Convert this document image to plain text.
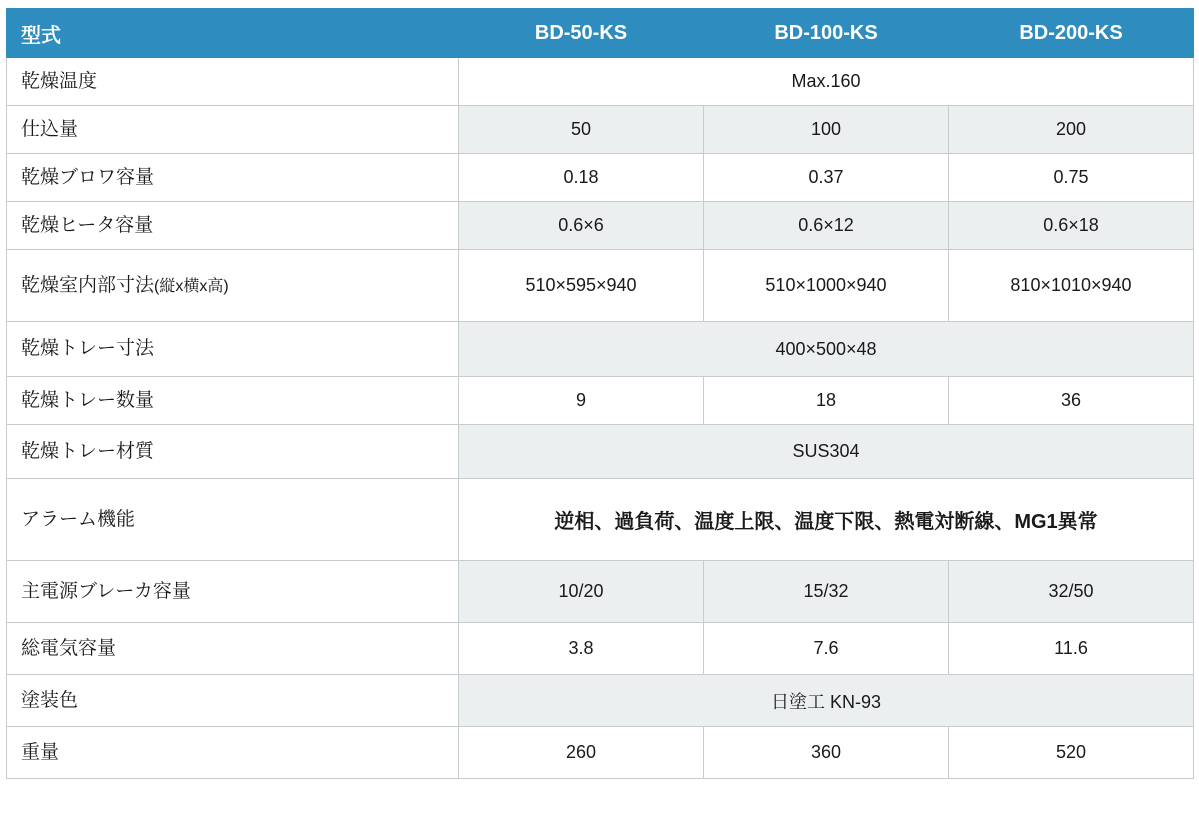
型式	BD-50-KS	BD-100-KS	BD-200-KS
乾燥温度	Max.160		
仕込量	50	100	200
乾燥ブロワ容量	0.18	0.37	0.75
乾燥ヒータ容量	0.6×6	0.6×12	0.6×18
乾燥室内部寸法(縦x横x高)	510×595×940	510×1000×940	810×1010×940
乾燥トレー寸法	400×500×48		
乾燥トレー数量	9	18	36
乾燥トレー材質	SUS304		
アラーム機能	逆相、過負荷、温度上限、温度下限、熱電対断線、MG1異常		
主電源ブレーカ容量	10/20	15/32	32/50
総電気容量	3.8	7.6	11.6
塗装色	日塗工 KN-93		
重量	260	360	520
